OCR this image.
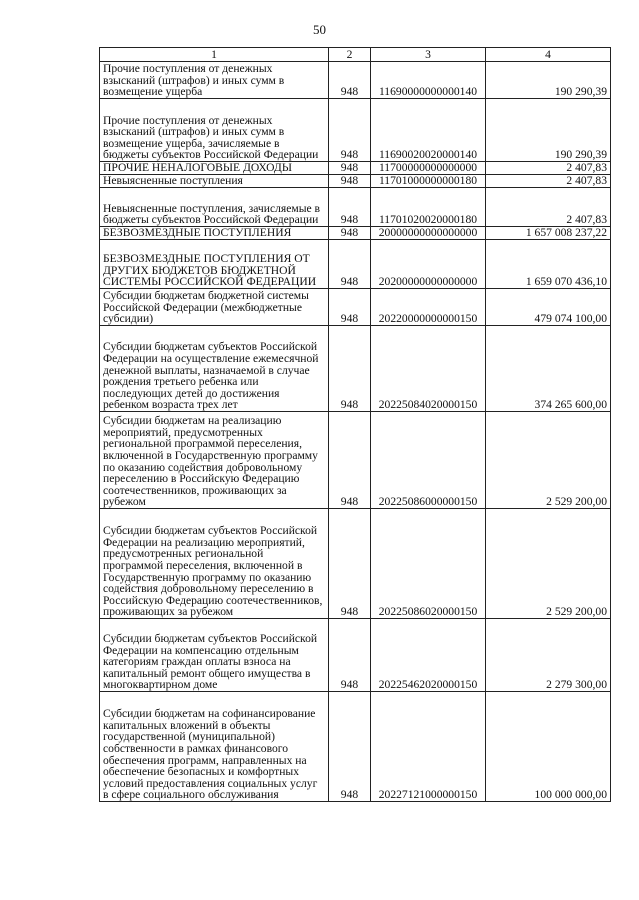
50
1	2	3	4
Прочие поступления от денежных взысканий (штрафов) и иных сумм в возмещение ущерба	948	11690000000000140	190 290,39
Прочие поступления от денежных взысканий (штрафов) и иных сумм в возмещение ущерба, зачисляемые в бюджеты субъектов Российской Федерации	948	11690020020000140	190 290,39
ПРОЧИЕ НЕНАЛОГОВЫЕ ДОХОДЫ	948	11700000000000000	2 407,83
Невыясненные поступления	948	11701000000000180	2 407,83
Невыясненные поступления, зачисляемые в бюджеты субъектов Российской Федерации	948	11701020020000180	2 407,83
БЕЗВОЗМЕЗДНЫЕ ПОСТУПЛЕНИЯ	948	20000000000000000	1 657 008 237,22
БЕЗВОЗМЕЗДНЫЕ ПОСТУПЛЕНИЯ ОТ ДРУГИХ БЮДЖЕТОВ БЮДЖЕТНОЙ СИСТЕМЫ РОССИЙСКОЙ ФЕДЕРАЦИИ	948	20200000000000000	1 659 070 436,10
Субсидии бюджетам бюджетной системы Российской Федерации (межбюджетные субсидии)	948	20220000000000150	479 074 100,00
Субсидии бюджетам субъектов Российской Федерации на осуществление ежемесячной денежной выплаты, назначаемой в случае рождения третьего ребенка или последующих детей до достижения ребенком возраста трех лет	948	20225084020000150	374 265 600,00
Субсидии бюджетам на реализацию мероприятий, предусмотренных региональной программой переселения, включенной в Государственную программу по оказанию содействия добровольному переселению в Российскую Федерацию соотечественников, проживающих за рубежом	948	20225086000000150	2 529 200,00
Субсидии бюджетам субъектов Российской Федерации на реализацию мероприятий, предусмотренных региональной программой переселения, включенной в Государственную программу по оказанию содействия добровольному переселению в Российскую Федерацию соотечественников, проживающих за рубежом	948	20225086020000150	2 529 200,00
Субсидии бюджетам субъектов Российской Федерации на компенсацию отдельным категориям граждан оплаты взноса на капитальный ремонт общего имущества в многоквартирном доме	948	20225462020000150	2 279 300,00
Субсидии бюджетам на софинансирование капитальных вложений в объекты государственной (муниципальной) собственности в рамках финансового обеспечения программ, направленных на обеспечение безопасных и комфортных условий предоставления социальных услуг в сфере социального обслуживания	948	20227121000000150	100 000 000,00
